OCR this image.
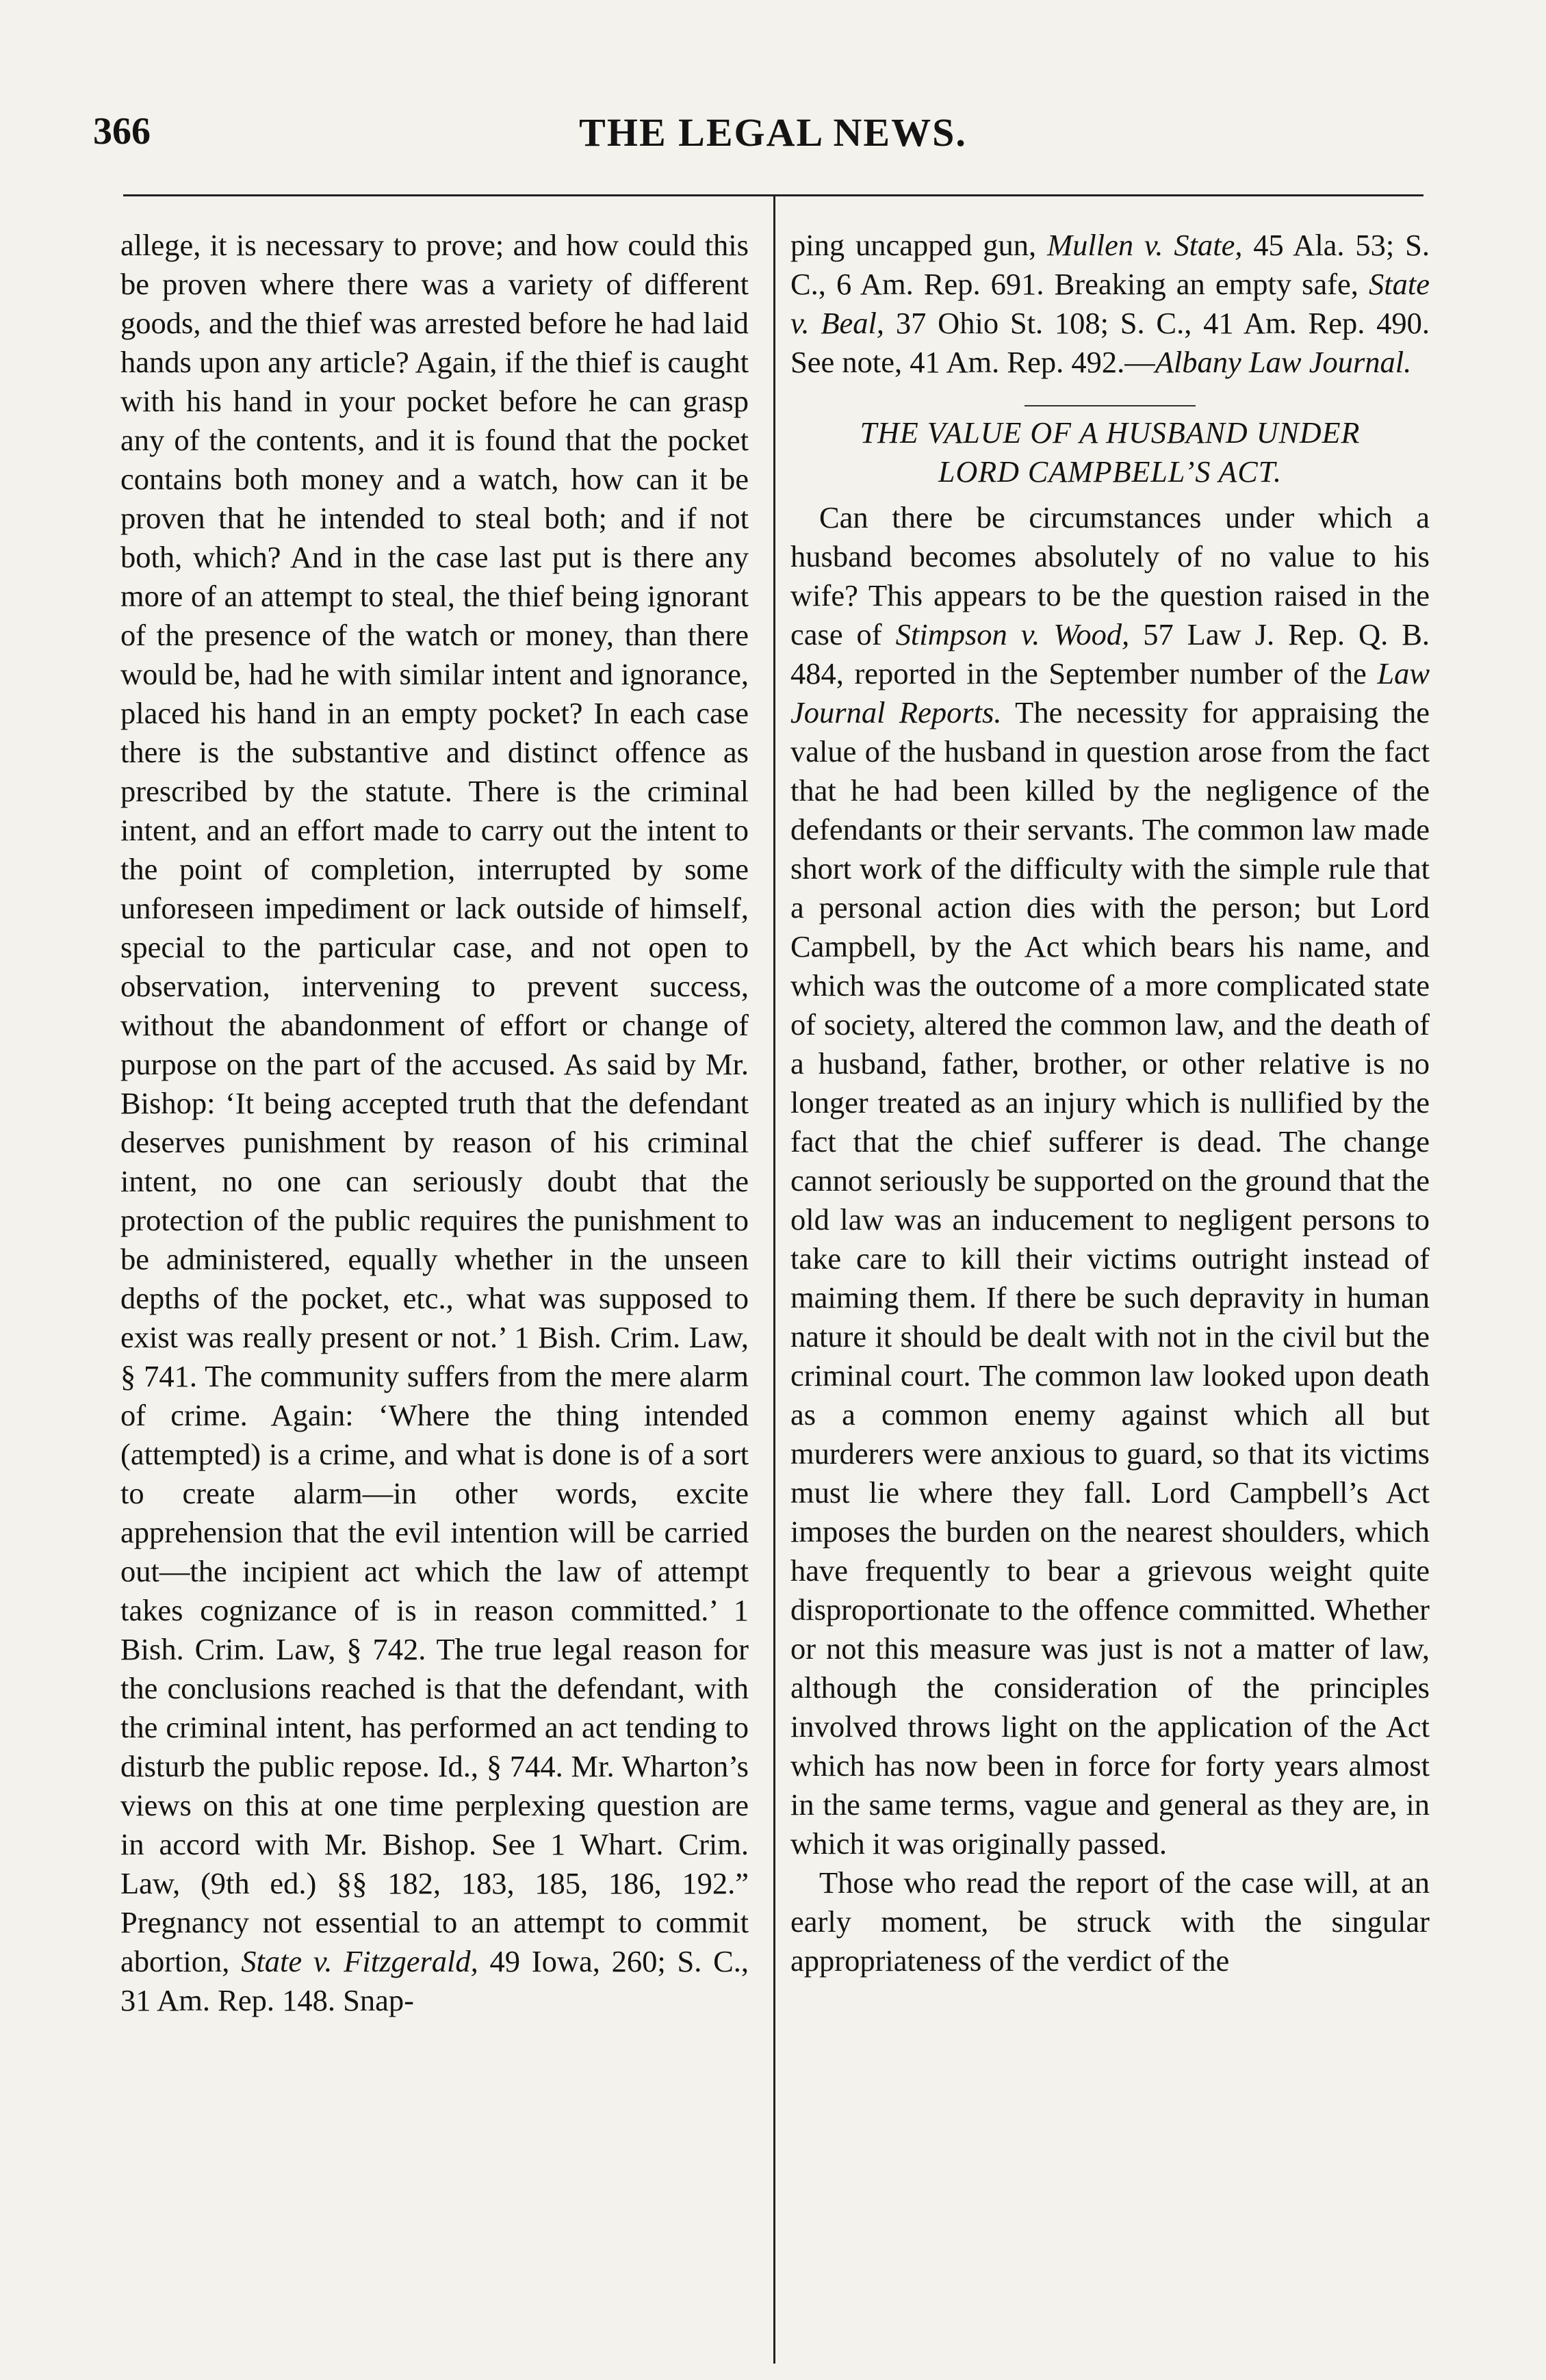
366	THE LEGAL NEWS.

allege, it is necessary to prove; and how could this be proven where there was a variety of different goods, and the thief was arrested before he had laid hands upon any article? Again, if the thief is caught with his hand in your pocket before he can grasp any of the contents, and it is found that the pocket contains both money and a watch, how can it be proven that he intended to steal both; and if not both, which? And in the case last put is there any more of an attempt to steal, the thief being ignorant of the presence of the watch or money, than there would be, had he with similar intent and ignorance, placed his hand in an empty pocket? In each case there is the substantive and distinct offence as prescribed by the statute. There is the criminal intent, and an effort made to carry out the intent to the point of completion, interrupted by some unforeseen impediment or lack outside of himself, special to the particular case, and not open to observation, intervening to prevent success, without the abandonment of effort or change of purpose on the part of the accused. As said by Mr. Bishop: ‘It being accepted truth that the defendant deserves punishment by reason of his criminal intent, no one can seriously doubt that the protection of the public requires the punishment to be administered, equally whether in the unseen depths of the pocket, etc., what was supposed to exist was really present or not.’ 1 Bish. Crim. Law, § 741. The community suffers from the mere alarm of crime. Again: ‘Where the thing intended (attempted) is a crime, and what is done is of a sort to create alarm—in other words, excite apprehension that the evil intention will be carried out—the incipient act which the law of attempt takes cognizance of is in reason committed.’ 1 Bish. Crim. Law, § 742. The true legal reason for the conclusions reached is that the defendant, with the criminal intent, has performed an act tending to disturb the public repose. Id., § 744. Mr. Wharton’s views on this at one time perplexing question are in accord with Mr. Bishop. See 1 Whart. Crim. Law, (9th ed.) §§ 182, 183, 185, 186, 192.” Pregnancy not essential to an attempt to commit abortion, State v. Fitzgerald, 49 Iowa, 260; S. C., 31 Am. Rep. 148. Snap-

ping uncapped gun, Mullen v. State, 45 Ala. 53; S. C., 6 Am. Rep. 691. Breaking an empty safe, State v. Beal, 37 Ohio St. 108; S. C., 41 Am. Rep. 490. See note, 41 Am. Rep. 492.—Albany Law Journal.

THE VALUE OF A HUSBAND UNDER
LORD CAMPBELL’S ACT.

Can there be circumstances under which a husband becomes absolutely of no value to his wife? This appears to be the question raised in the case of Stimpson v. Wood, 57 Law J. Rep. Q. B. 484, reported in the September number of the Law Journal Reports. The necessity for appraising the value of the husband in question arose from the fact that he had been killed by the negligence of the defendants or their servants. The common law made short work of the difficulty with the simple rule that a personal action dies with the person; but Lord Campbell, by the Act which bears his name, and which was the outcome of a more complicated state of society, altered the common law, and the death of a husband, father, brother, or other relative is no longer treated as an injury which is nullified by the fact that the chief sufferer is dead. The change cannot seriously be supported on the ground that the old law was an inducement to negligent persons to take care to kill their victims outright instead of maiming them. If there be such depravity in human nature it should be dealt with not in the civil but the criminal court. The common law looked upon death as a common enemy against which all but murderers were anxious to guard, so that its victims must lie where they fall. Lord Campbell’s Act imposes the burden on the nearest shoulders, which have frequently to bear a grievous weight quite disproportionate to the offence committed. Whether or not this measure was just is not a matter of law, although the consideration of the principles involved throws light on the application of the Act which has now been in force for forty years almost in the same terms, vague and general as they are, in which it was originally passed.

Those who read the report of the case will, at an early moment, be struck with the singular appropriateness of the verdict of the
